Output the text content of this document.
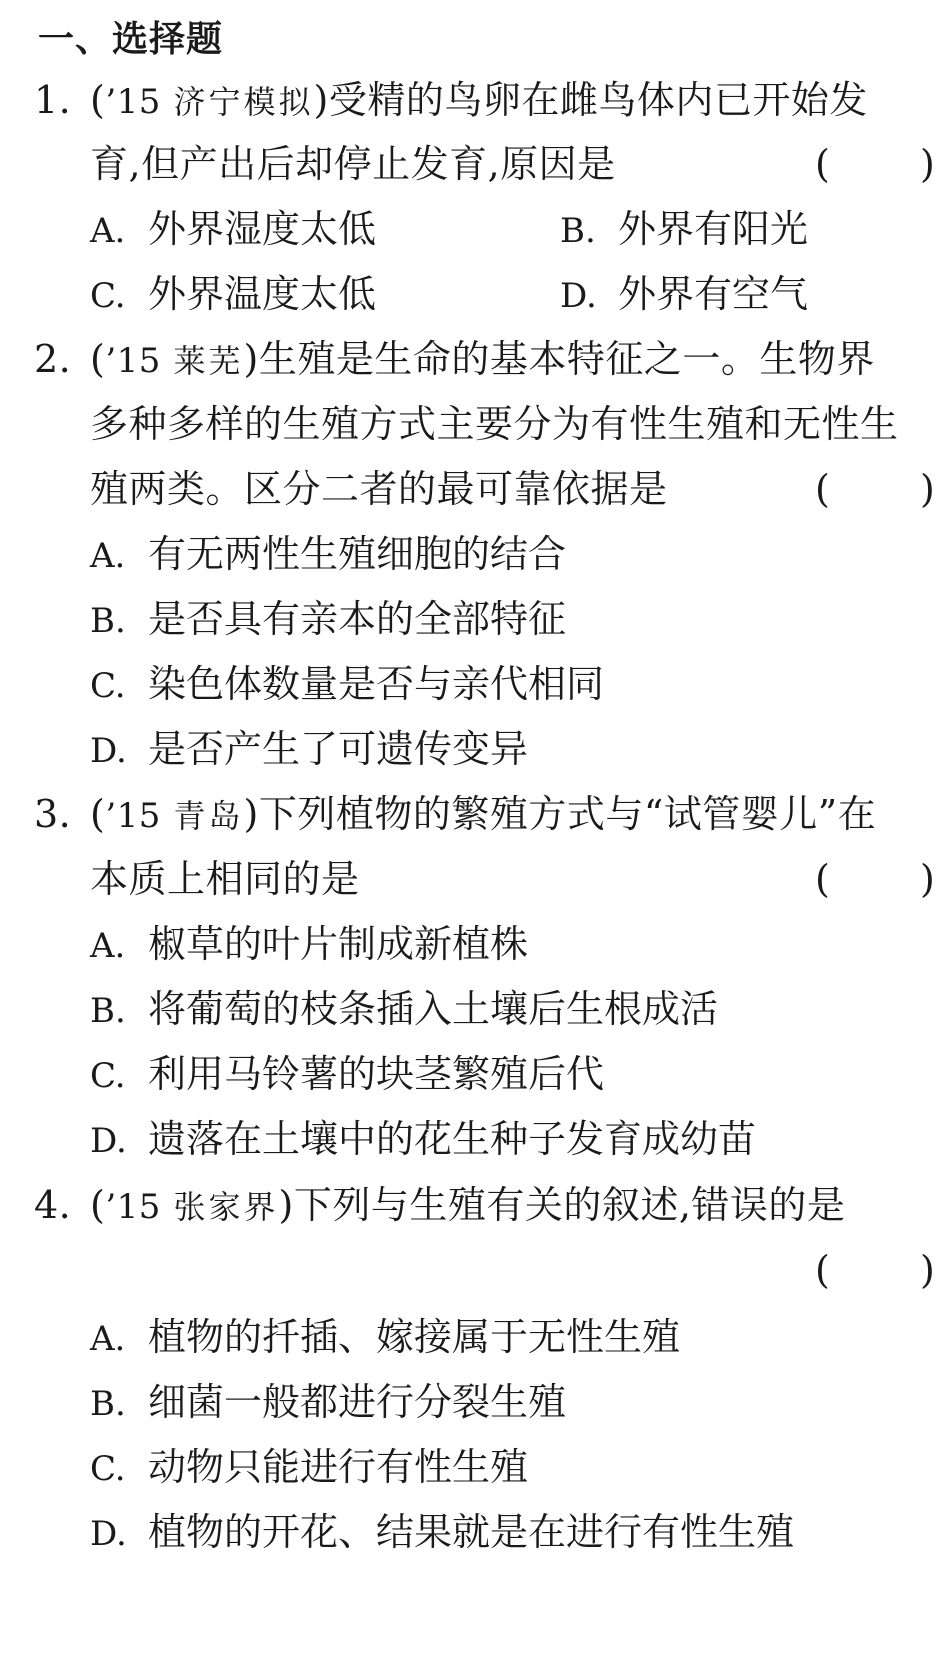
一、选择题
1. (’15 济宁模拟)受精的鸟卵在雌鸟体内已开始发
育,但产出后却停止发育,原因是	( )
A. 外界湿度太低	B. 外界有阳光
C. 外界温度太低	D. 外界有空气
2. (’15 莱芜)生殖是生命的基本特征之一。生物界
多种多样的生殖方式主要分为有性生殖和无性生
殖两类。区分二者的最可靠依据是	( )
A. 有无两性生殖细胞的结合
B. 是否具有亲本的全部特征
C. 染色体数量是否与亲代相同
D. 是否产生了可遗传变异
3. (’15 青岛)下列植物的繁殖方式与“试管婴儿”在
本质上相同的是	( )
A. 椒草的叶片制成新植株
B. 将葡萄的枝条插入土壤后生根成活
C. 利用马铃薯的块茎繁殖后代
D. 遗落在土壤中的花生种子发育成幼苗
4. (’15 张家界)下列与生殖有关的叙述,错误的是
( )
A. 植物的扦插、嫁接属于无性生殖
B. 细菌一般都进行分裂生殖
C. 动物只能进行有性生殖
D. 植物的开花、结果就是在进行有性生殖
